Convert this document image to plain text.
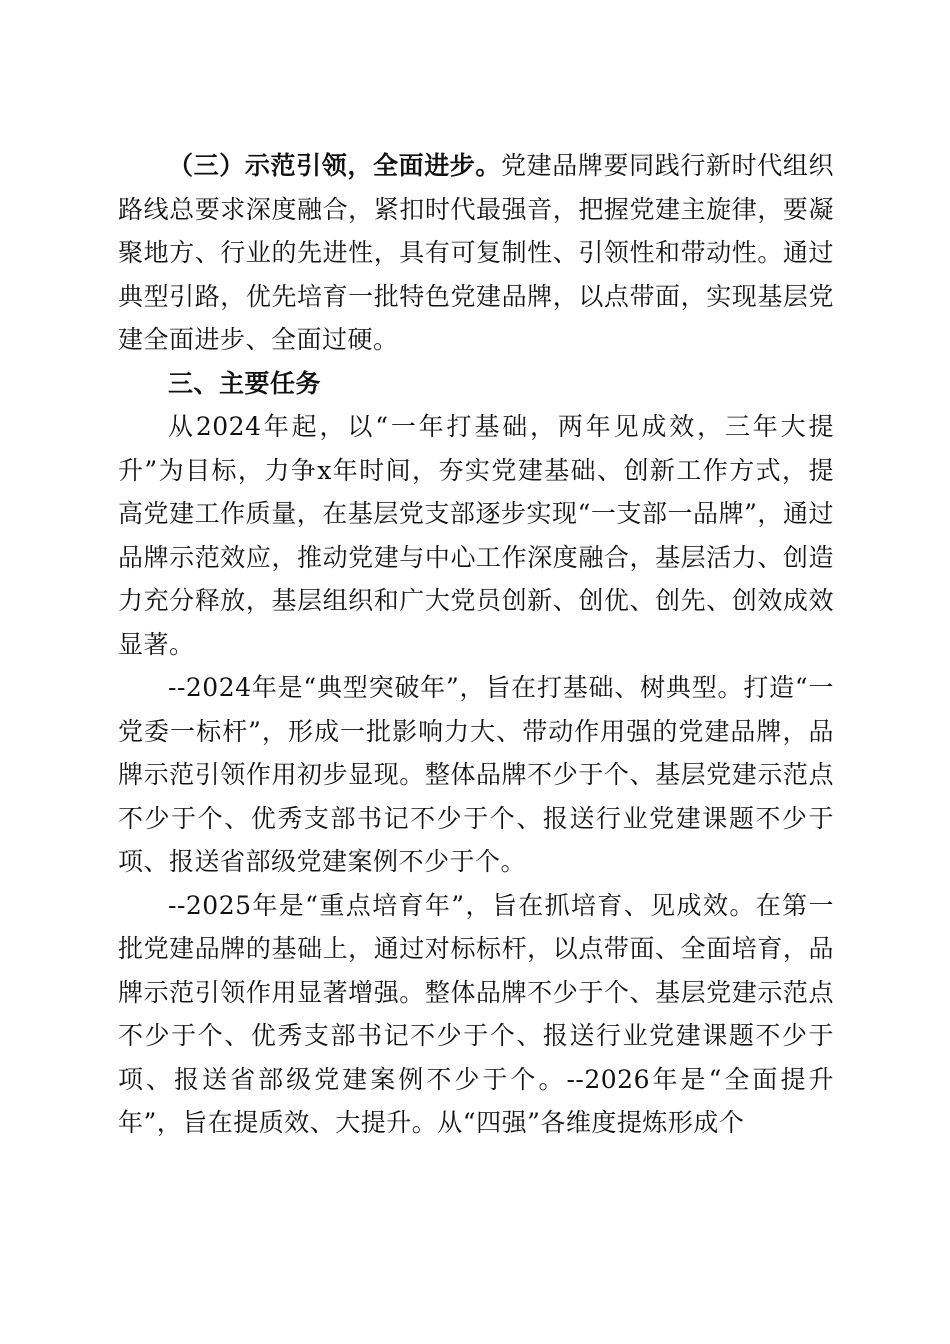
（三）示范引领，全面进步。党建品牌要同践行新时代组织路线总要求深度融合，紧扣时代最强音，把握党建主旋律，要凝聚地方、行业的先进性，具有可复制性、引领性和带动性。通过典型引路，优先培育一批特色党建品牌，以点带面，实现基层党建全面进步、全面过硬。

三、主要任务

从2024年起，以“一年打基础，两年见成效，三年大提升”为目标，力争x年时间，夯实党建基础、创新工作方式，提高党建工作质量，在基层党支部逐步实现“一支部一品牌”，通过品牌示范效应，推动党建与中心工作深度融合，基层活力、创造力充分释放，基层组织和广大党员创新、创优、创先、创效成效显著。

--2024年是“典型突破年”，旨在打基础、树典型。打造“一党委一标杆”，形成一批影响力大、带动作用强的党建品牌，品牌示范引领作用初步显现。整体品牌不少于个、基层党建示范点不少于个、优秀支部书记不少于个、报送行业党建课题不少于项、报送省部级党建案例不少于个。

--2025年是“重点培育年”，旨在抓培育、见成效。在第一批党建品牌的基础上，通过对标标杆，以点带面、全面培育，品牌示范引领作用显著增强。整体品牌不少于个、基层党建示范点不少于个、优秀支部书记不少于个、报送行业党建课题不少于项、报送省部级党建案例不少于个。--2026年是“全面提升年”，旨在提质效、大提升。从“四强”各维度提炼形成个
